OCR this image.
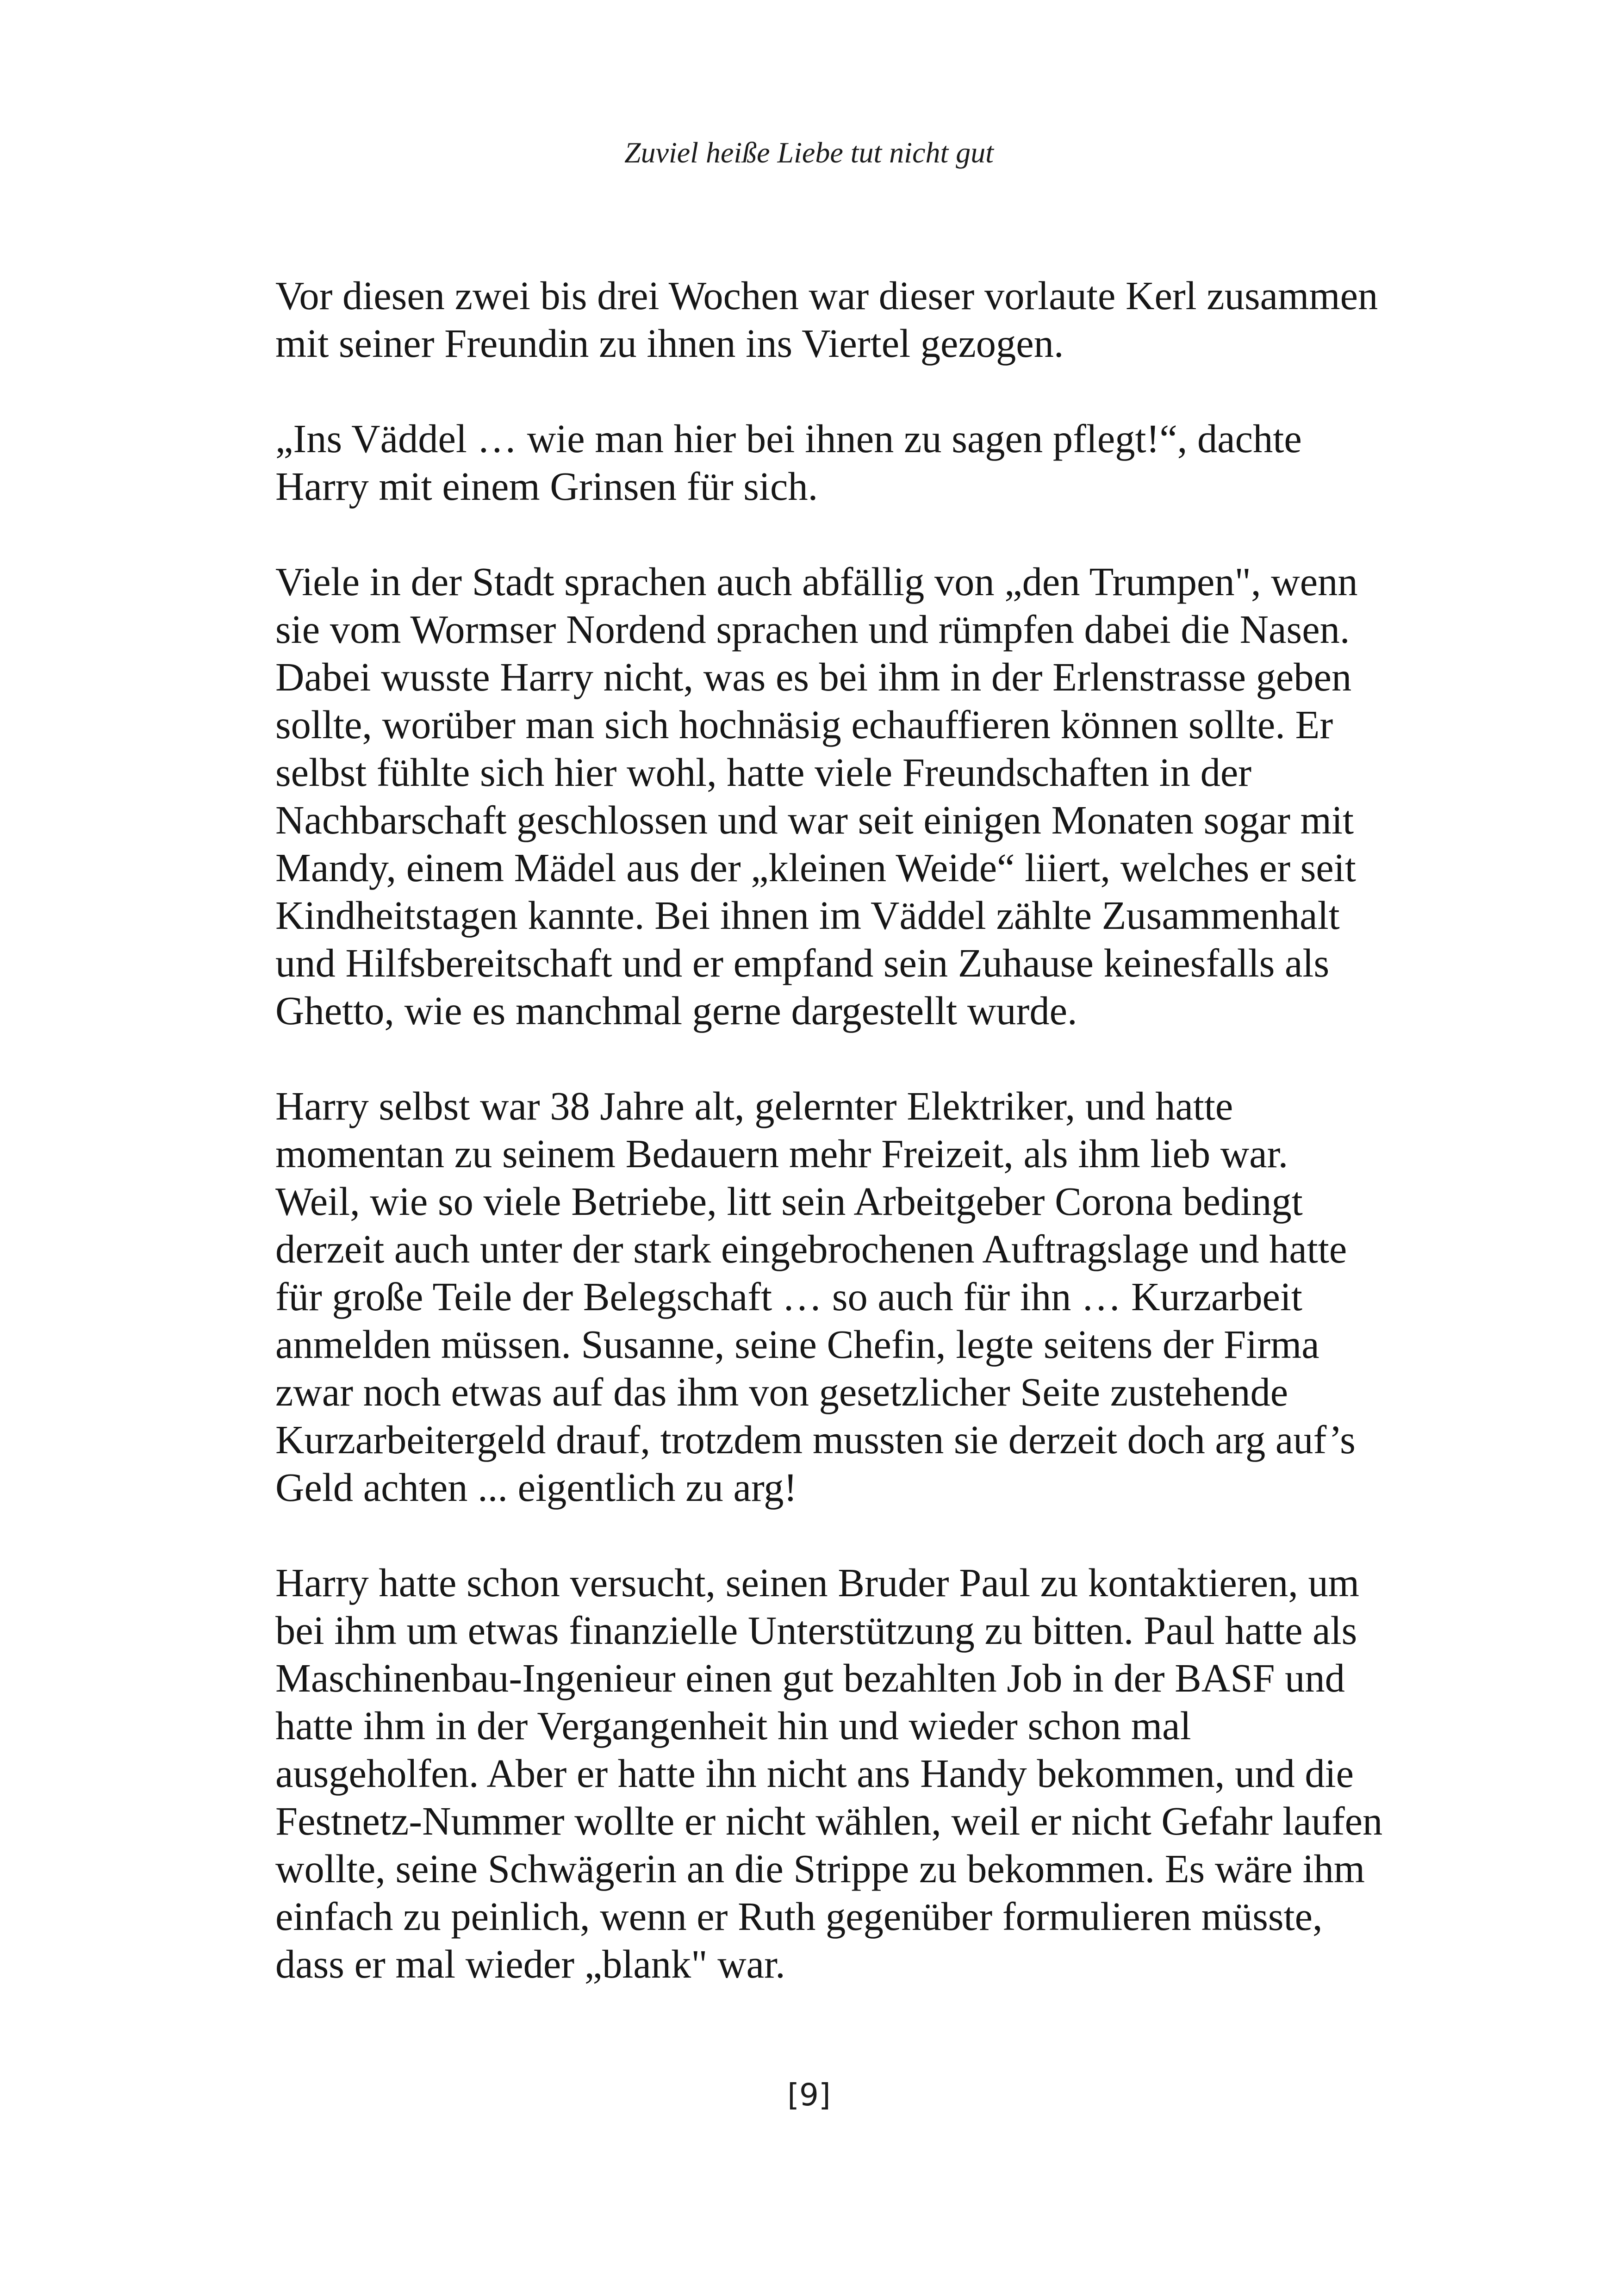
Zuviel heiße Liebe tut nicht gut

Vor diesen zwei bis drei Wochen war dieser vorlaute Kerl zusammen
mit seiner Freundin zu ihnen ins Viertel gezogen.

„Ins Väddel … wie man hier bei ihnen zu sagen pflegt!“, dachte
Harry mit einem Grinsen für sich.

Viele in der Stadt sprachen auch abfällig von „den Trumpen", wenn
sie vom Wormser Nordend sprachen und rümpfen dabei die Nasen.
Dabei wusste Harry nicht, was es bei ihm in der Erlenstrasse geben
sollte, worüber man sich hochnäsig echauffieren können sollte. Er
selbst fühlte sich hier wohl, hatte viele Freundschaften in der
Nachbarschaft geschlossen und war seit einigen Monaten sogar mit
Mandy, einem Mädel aus der „kleinen Weide“ liiert, welches er seit
Kindheitstagen kannte. Bei ihnen im Väddel zählte Zusammenhalt
und Hilfsbereitschaft und er empfand sein Zuhause keinesfalls als
Ghetto, wie es manchmal gerne dargestellt wurde.

Harry selbst war 38 Jahre alt, gelernter Elektriker, und hatte
momentan zu seinem Bedauern mehr Freizeit, als ihm lieb war.
Weil, wie so viele Betriebe, litt sein Arbeitgeber Corona bedingt
derzeit auch unter der stark eingebrochenen Auftragslage und hatte
für große Teile der Belegschaft … so auch für ihn … Kurzarbeit
anmelden müssen. Susanne, seine Chefin, legte seitens der Firma
zwar noch etwas auf das ihm von gesetzlicher Seite zustehende
Kurzarbeitergeld drauf, trotzdem mussten sie derzeit doch arg auf’s
Geld achten ... eigentlich zu arg!

Harry hatte schon versucht, seinen Bruder Paul zu kontaktieren, um
bei ihm um etwas finanzielle Unterstützung zu bitten. Paul hatte als
Maschinenbau-Ingenieur einen gut bezahlten Job in der BASF und
hatte ihm in der Vergangenheit hin und wieder schon mal
ausgeholfen. Aber er hatte ihn nicht ans Handy bekommen, und die
Festnetz-Nummer wollte er nicht wählen, weil er nicht Gefahr laufen
wollte, seine Schwägerin an die Strippe zu bekommen. Es wäre ihm
einfach zu peinlich, wenn er Ruth gegenüber formulieren müsste,
dass er mal wieder „blank" war.

[9]
